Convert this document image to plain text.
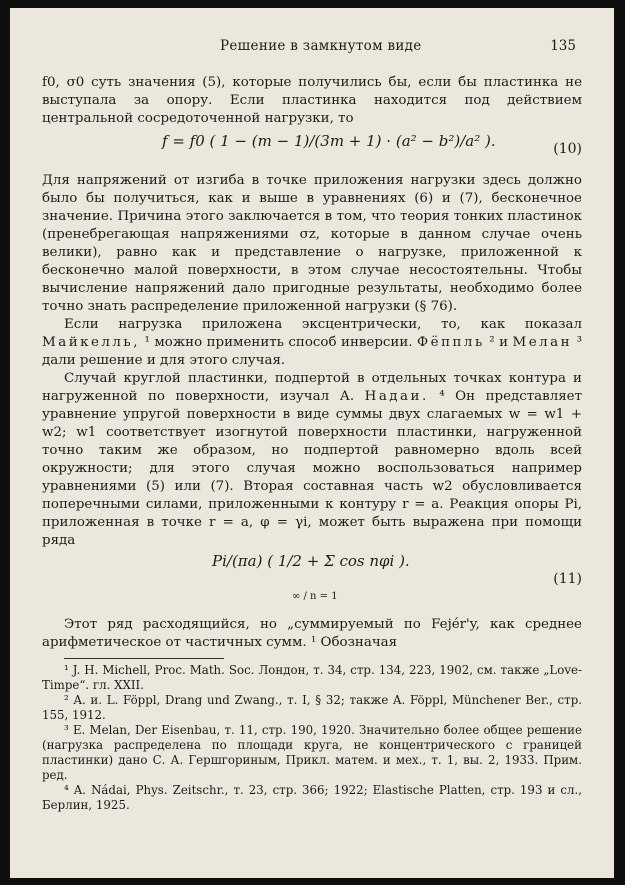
Решение в замкнутом виде	135

f0, σ0 суть значения (5), которые получились бы, если бы пластинка не выступала за опору. Если пластинка находится под действием центральной сосредоточенной нагрузки, то

f = f0 ( 1 − (m − 1)/(3m + 1) · (a² − b²)/a² ).	(10)

Для напряжений от изгиба в точке приложения нагрузки здесь должно было бы получиться, как и выше в уравнениях (6) и (7), бесконечное значение. Причина этого заключается в том, что теория тонких пластинок (пренебрегающая напряжениями σz, которые в данном случае очень велики), равно как и представление о нагрузке, приложенной к бесконечно малой поверхности, в этом случае несостоятельны. Чтобы вычисление напряжений дало пригодные результаты, необходимо более точно знать распределение приложенной нагрузки (§ 76).

Если нагрузка приложена эксцентрически, то, как показал Майкелль, ¹ можно применить способ инверсии. Фёппль ² и Мелан ³ дали решение и для этого случая.

Случай круглой пластинки, подпертой в отдельных точках контура и нагруженной по поверхности, изучал А. Надаи. ⁴ Он представляет уравнение упругой поверхности в виде суммы двух слагаемых w = w1 + w2; w1 соответствует изогнутой поверхности пластинки, нагруженной точно таким же образом, но подпертой равномерно вдоль всей окружности; для этого случая можно воспользоваться например уравнениями (5) или (7). Вторая составная часть w2 обусловливается поперечными силами, приложенными к контуру r = a. Реакция опоры Pi, приложенная в точке r = a, φ = γi, может быть выражена при помощи ряда

Pi/(πa) ( 1/2 + Σ cos nφi ).
∞ / n = 1
(11)

Этот ряд расходящийся, но „суммируемый по Fejér'y, как среднее арифметическое от частичных сумм. ¹ Обозначая

¹ J. H. Michell, Proc. Math. Soc. Лондон, т. 34, стр. 134, 223, 1902, см. также „Love-Timpe“. гл. XXII.

² A. и. L. Föppl, Drang und Zwang., т. I, § 32; также A. Föppl, Münchener Ber., стр. 155, 1912.

³ E. Melan, Der Eisenbau, т. 11, стр. 190, 1920. Значительно более общее решение (нагрузка распределена по площади круга, не концентрического с границей пластинки) дано С. А. Гершгориным, Прикл. матем. и мех., т. 1, вы. 2, 1933. Прим. ред.

⁴ A. Nádai, Phys. Zeitschr., т. 23, стр. 366; 1922; Elastische Platten, стр. 193 и сл., Берлин, 1925.
